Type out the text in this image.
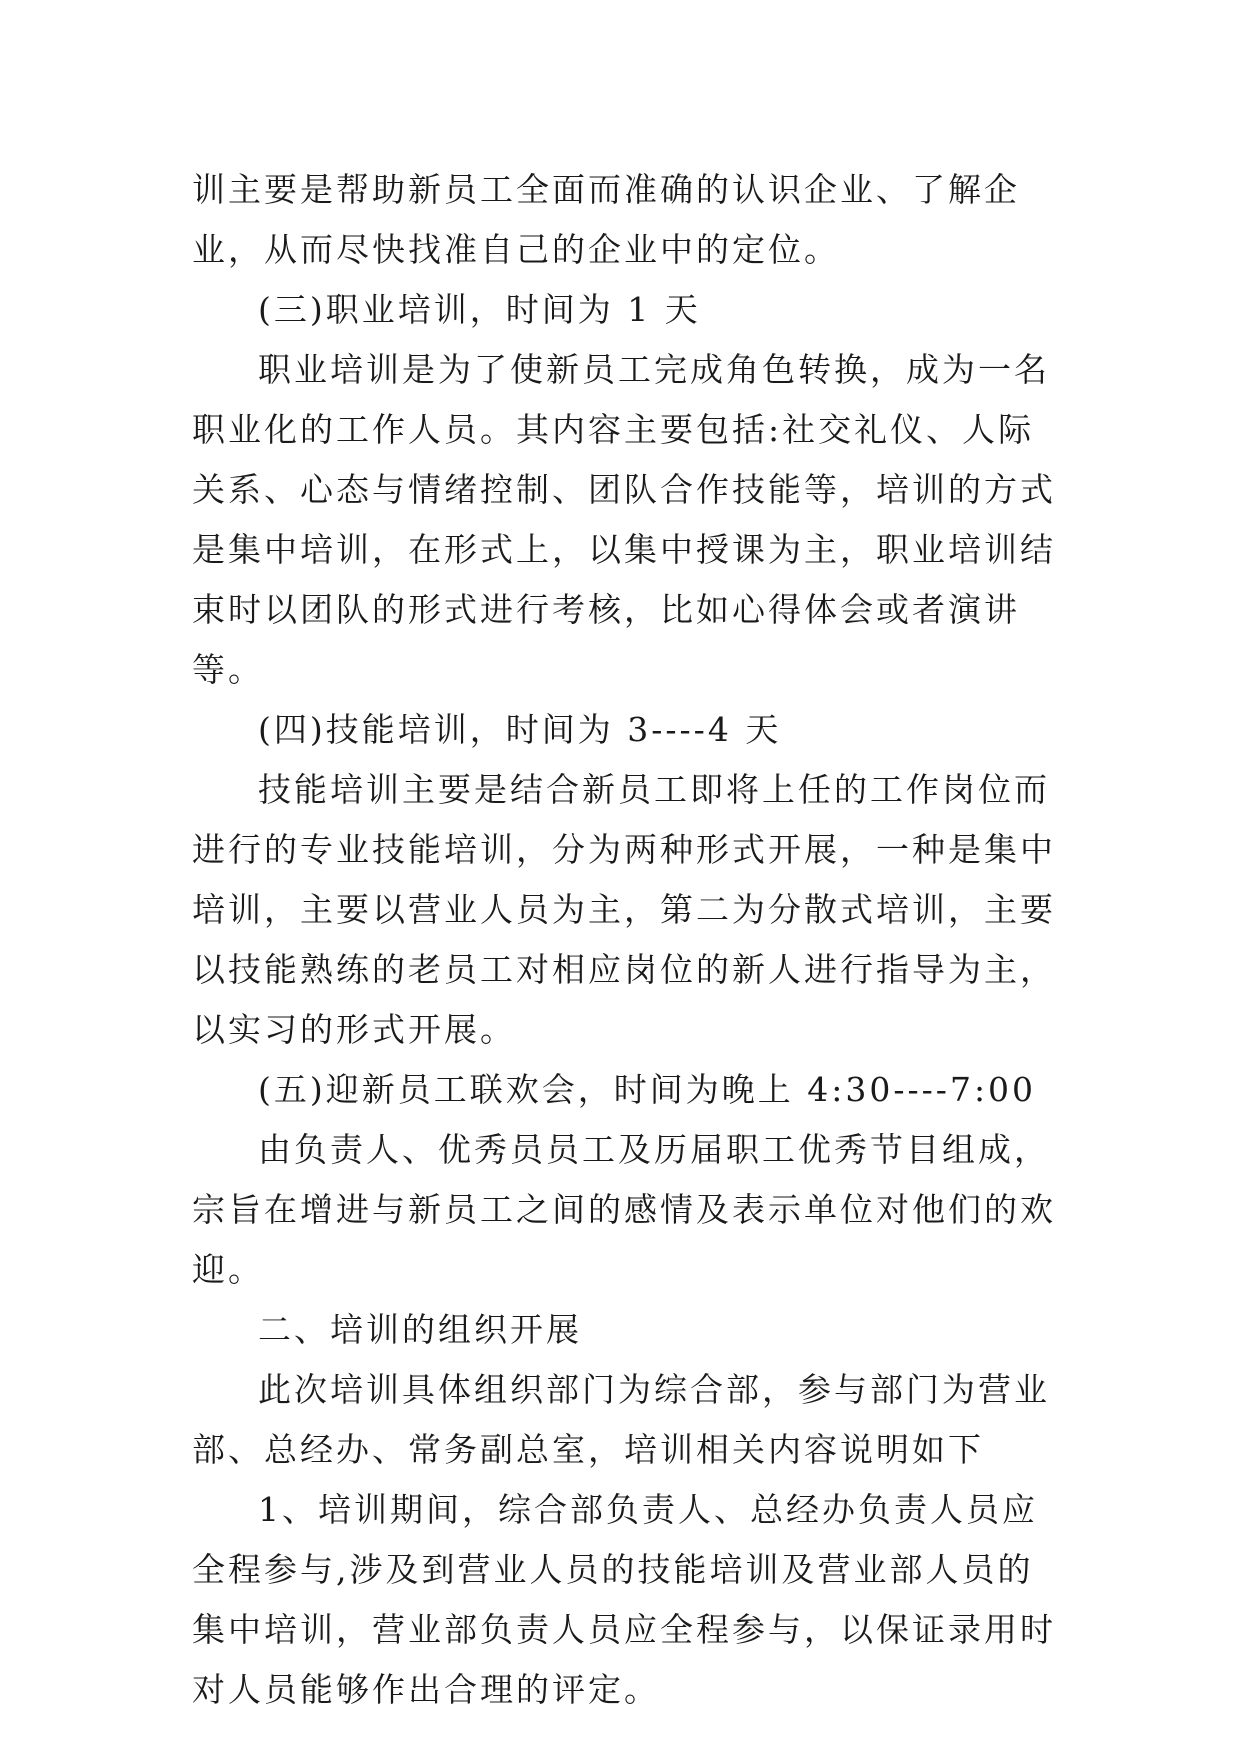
训主要是帮助新员工全面而准确的认识企业、了解企业，从而尽快找准自己的企业中的定位。

(三)职业培训，时间为 1 天

职业培训是为了使新员工完成角色转换，成为一名职业化的工作人员。其内容主要包括:社交礼仪、人际关系、心态与情绪控制、团队合作技能等，培训的方式是集中培训，在形式上，以集中授课为主，职业培训结束时以团队的形式进行考核，比如心得体会或者演讲等。

(四)技能培训，时间为 3----4 天

技能培训主要是结合新员工即将上任的工作岗位而进行的专业技能培训，分为两种形式开展，一种是集中培训，主要以营业人员为主，第二为分散式培训，主要以技能熟练的老员工对相应岗位的新人进行指导为主，以实习的形式开展。

(五)迎新员工联欢会，时间为晚上 4:30----7:00

由负责人、优秀员员工及历届职工优秀节目组成，宗旨在增进与新员工之间的感情及表示单位对他们的欢迎。

二、培训的组织开展

此次培训具体组织部门为综合部，参与部门为营业部、总经办、常务副总室，培训相关内容说明如下

1、培训期间，综合部负责人、总经办负责人员应全程参与,涉及到营业人员的技能培训及营业部人员的集中培训，营业部负责人员应全程参与，以保证录用时对人员能够作出合理的评定。
